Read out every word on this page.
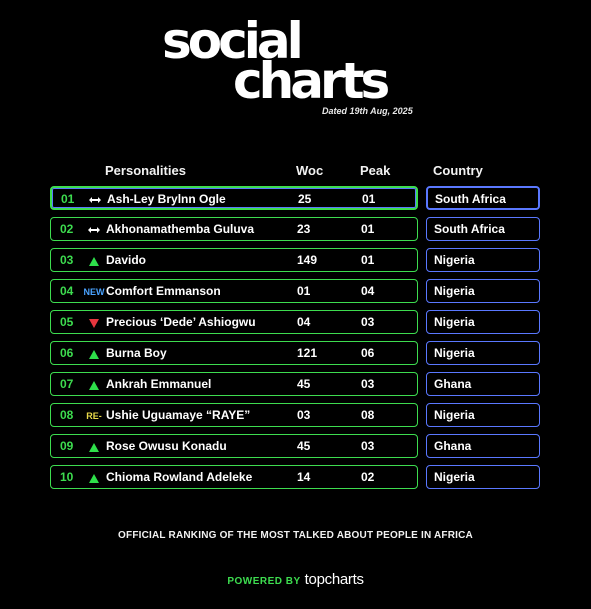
social
charts
Dated 19th Aug, 2025
Personalities	Woc	Peak	Country
01	Ash-Ley Brylnn Ogle	25	01	South Africa
02	Akhonamathemba Guluva	23	01	South Africa
03	Davido	149	01	Nigeria
04 NEW Comfort Emmanson	01	04	Nigeria
05	Precious ‘Dede’ Ashiogwu	04	03	Nigeria
06	Burna Boy	121	06	Nigeria
07	Ankrah Emmanuel	45	03	Ghana
08	RE- Ushie Uguamaye “RAYE”	03	08	Nigeria
09	Rose Owusu Konadu	45	03	Ghana
10	Chioma Rowland Adeleke	14	02	Nigeria
OFFICIAL RANKING OF THE MOST TALKED ABOUT PEOPLE IN AFRICA
POWERED BY topcharts
